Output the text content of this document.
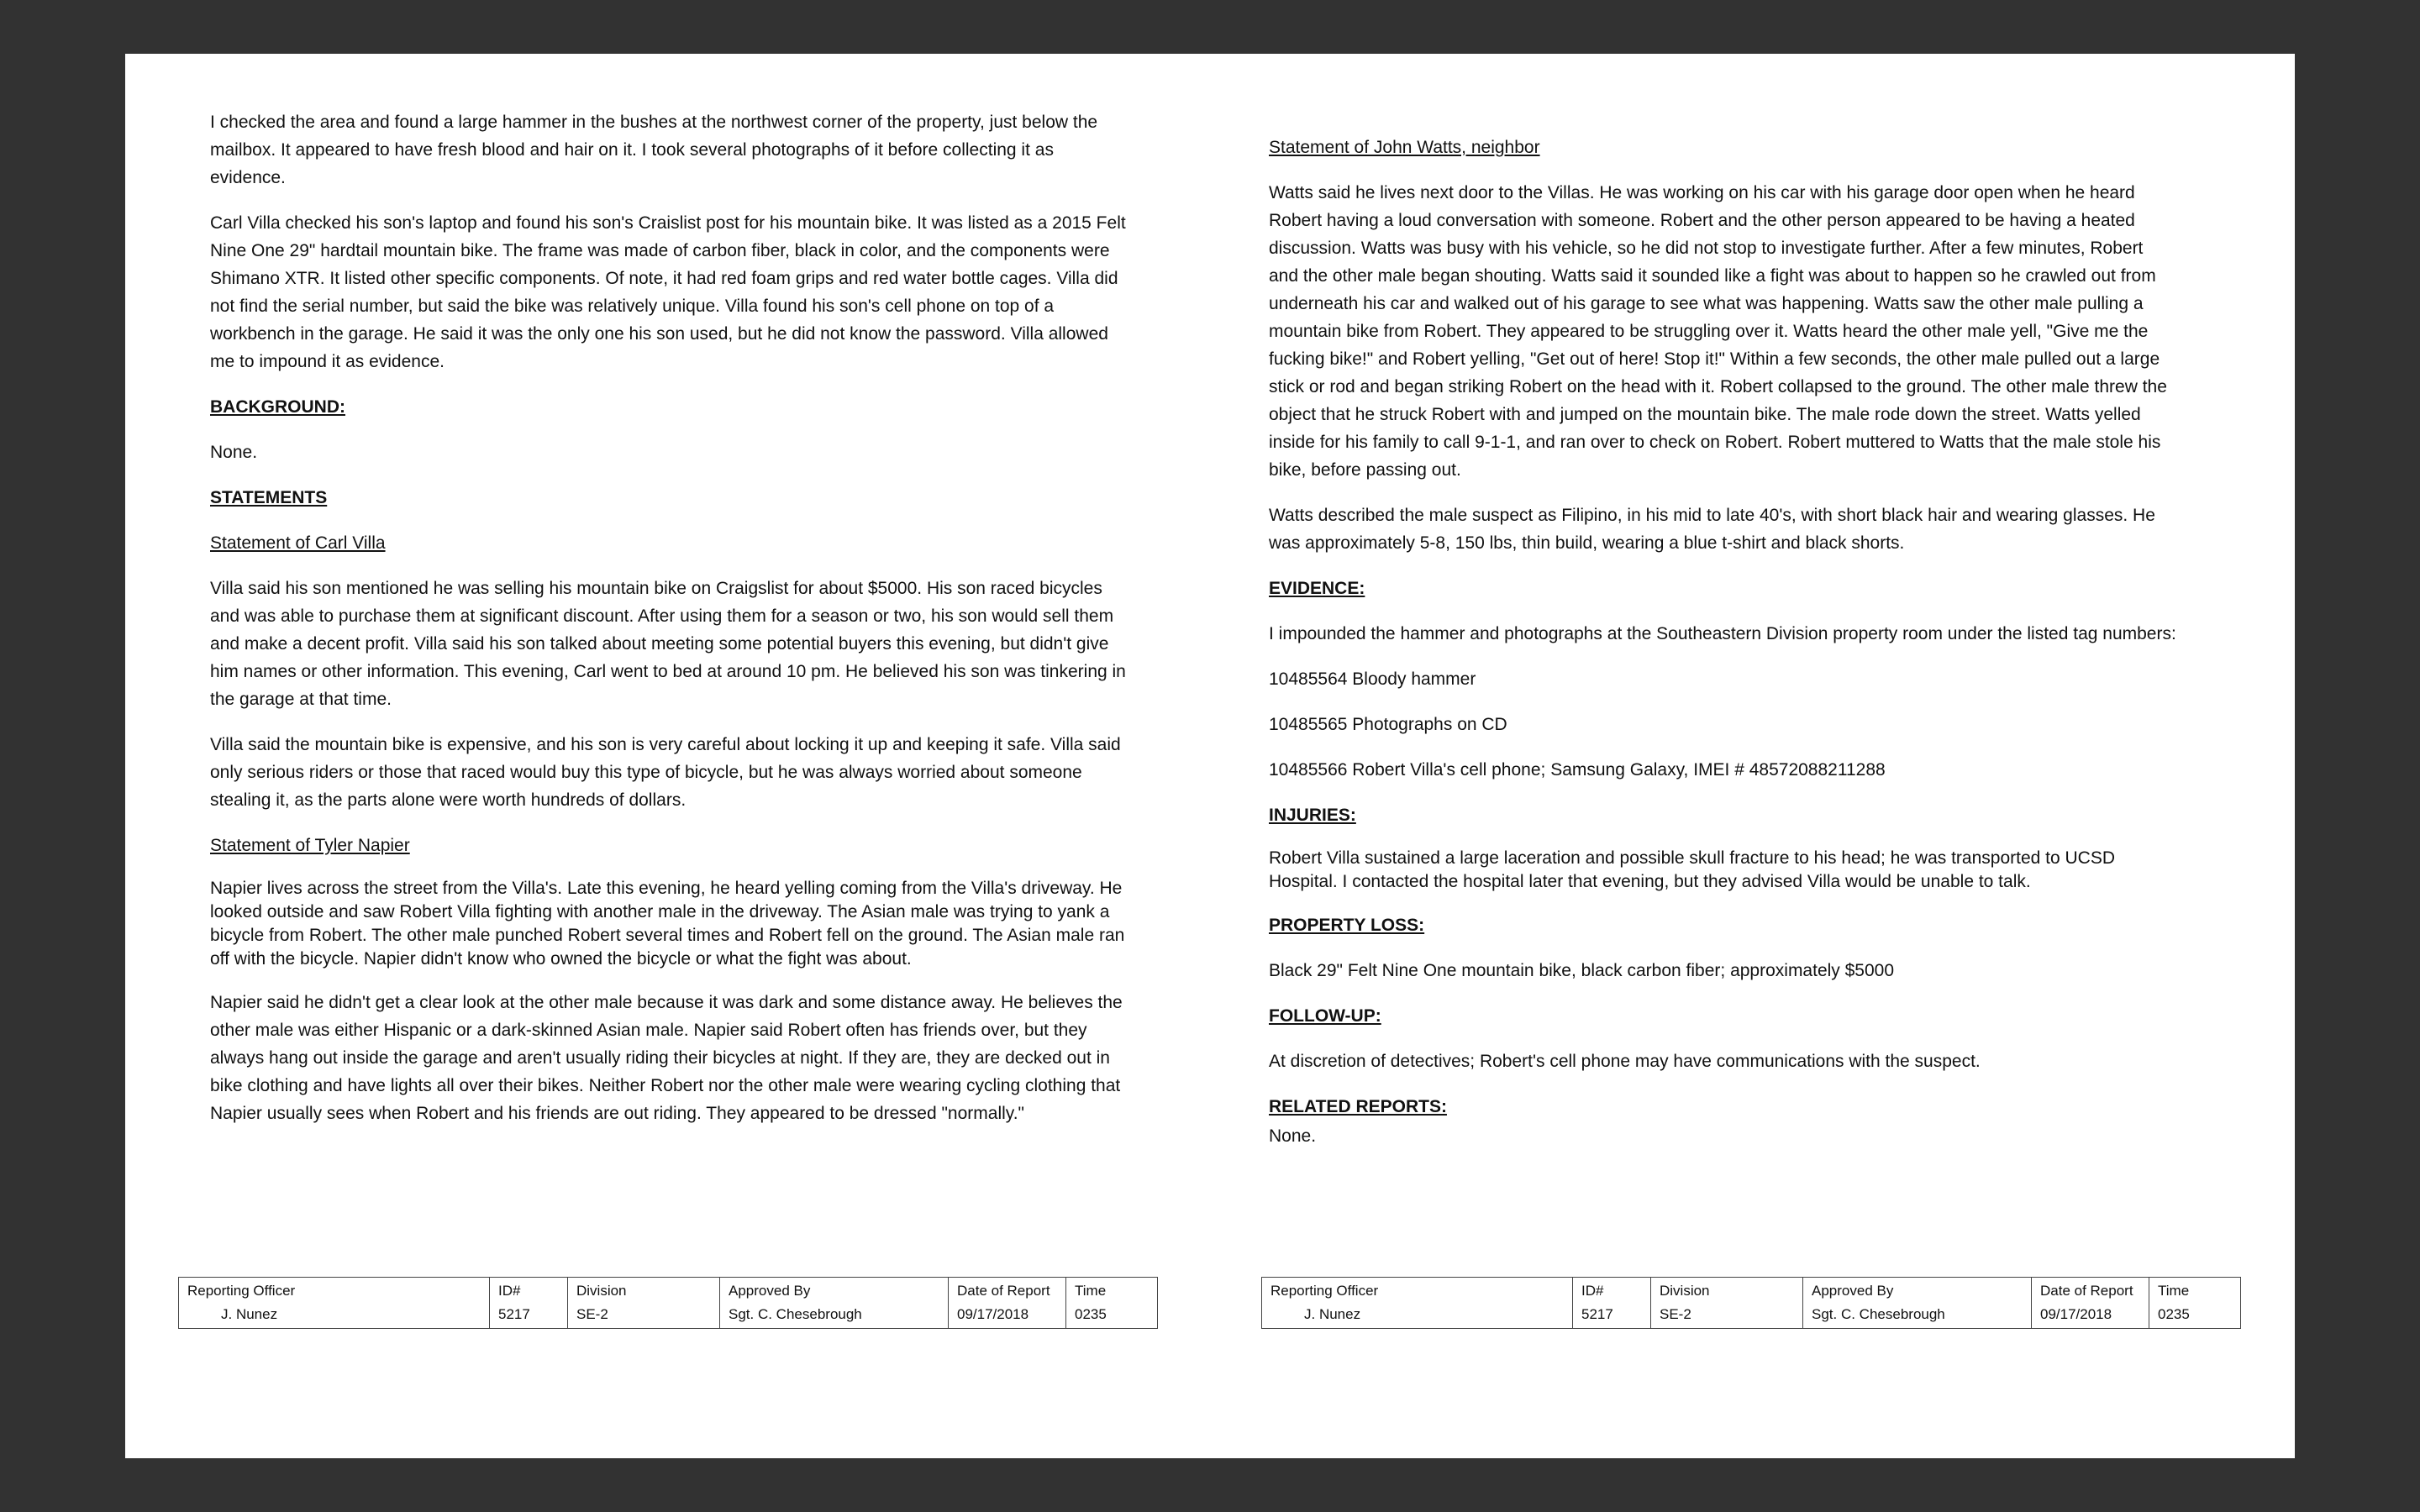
I checked the area and found a large hammer in the bushes at the northwest corner of the property, just below the mailbox. It appeared to have fresh blood and hair on it. I took several photographs of it before collecting it as evidence.

Carl Villa checked his son's laptop and found his son's Craislist post for his mountain bike. It was listed as a 2015 Felt Nine One 29" hardtail mountain bike. The frame was made of carbon fiber, black in color, and the components were Shimano XTR. It listed other specific components. Of note, it had red foam grips and red water bottle cages. Villa did not find the serial number, but said the bike was relatively unique. Villa found his son's cell phone on top of a workbench in the garage. He said it was the only one his son used, but he did not know the password. Villa allowed me to impound it as evidence.

BACKGROUND:

None.

STATEMENTS

Statement of Carl Villa

Villa said his son mentioned he was selling his mountain bike on Craigslist for about $5000. His son raced bicycles and was able to purchase them at significant discount. After using them for a season or two, his son would sell them and make a decent profit. Villa said his son talked about meeting some potential buyers this evening, but didn't give him names or other information. This evening, Carl went to bed at around 10 pm. He believed his son was tinkering in the garage at that time.

Villa said the mountain bike is expensive, and his son is very careful about locking it up and keeping it safe. Villa said only serious riders or those that raced would buy this type of bicycle, but he was always worried about someone stealing it, as the parts alone were worth hundreds of dollars.

Statement of Tyler Napier

Napier lives across the street from the Villa's. Late this evening, he heard yelling coming from the Villa's driveway. He looked outside and saw Robert Villa fighting with another male in the driveway. The Asian male was trying to yank a bicycle from Robert. The other male punched Robert several times and Robert fell on the ground. The Asian male ran off with the bicycle. Napier didn't know who owned the bicycle or what the fight was about.

Napier said he didn't get a clear look at the other male because it was dark and some distance away. He believes the other male was either Hispanic or a dark-skinned Asian male. Napier said Robert often has friends over, but they always hang out inside the garage and aren't usually riding their bicycles at night. If they are, they are decked out in bike clothing and have lights all over their bikes. Neither Robert nor the other male were wearing cycling clothing that Napier usually sees when Robert and his friends are out riding. They appeared to be dressed "normally."

Statement of John Watts, neighbor

Watts said he lives next door to the Villas. He was working on his car with his garage door open when he heard Robert having a loud conversation with someone. Robert and the other person appeared to be having a heated discussion. Watts was busy with his vehicle, so he did not stop to investigate further. After a few minutes, Robert and the other male began shouting. Watts said it sounded like a fight was about to happen so he crawled out from underneath his car and walked out of his garage to see what was happening. Watts saw the other male pulling a mountain bike from Robert. They appeared to be struggling over it. Watts heard the other male yell, "Give me the fucking bike!" and Robert yelling, "Get out of here! Stop it!" Within a few seconds, the other male pulled out a large stick or rod and began striking Robert on the head with it. Robert collapsed to the ground. The other male threw the object that he struck Robert with and jumped on the mountain bike. The male rode down the street. Watts yelled inside for his family to call 9-1-1, and ran over to check on Robert. Robert muttered to Watts that the male stole his bike, before passing out.

Watts described the male suspect as Filipino, in his mid to late 40's, with short black hair and wearing glasses. He was approximately 5-8, 150 lbs, thin build, wearing a blue t-shirt and black shorts.

EVIDENCE:

I impounded the hammer and photographs at the Southeastern Division property room under the listed tag numbers:

10485564 Bloody hammer

10485565 Photographs on CD

10485566 Robert Villa's cell phone; Samsung Galaxy, IMEI # 48572088211288

INJURIES:

Robert Villa sustained a large laceration and possible skull fracture to his head; he was transported to UCSD Hospital. I contacted the hospital later that evening, but they advised Villa would be unable to talk.

PROPERTY LOSS:

Black 29" Felt Nine One mountain bike, black carbon fiber; approximately $5000

FOLLOW-UP:

At discretion of detectives; Robert's cell phone may have communications with the suspect.

RELATED REPORTS:

None.

Reporting Officer
J. Nunez
ID#
5217
Division
SE-2
Approved By
Sgt. C. Chesebrough
Date of Report
09/17/2018
Time
0235
Reporting Officer
J. Nunez
ID#
5217
Division
SE-2
Approved By
Sgt. C. Chesebrough
Date of Report
09/17/2018
Time
0235
